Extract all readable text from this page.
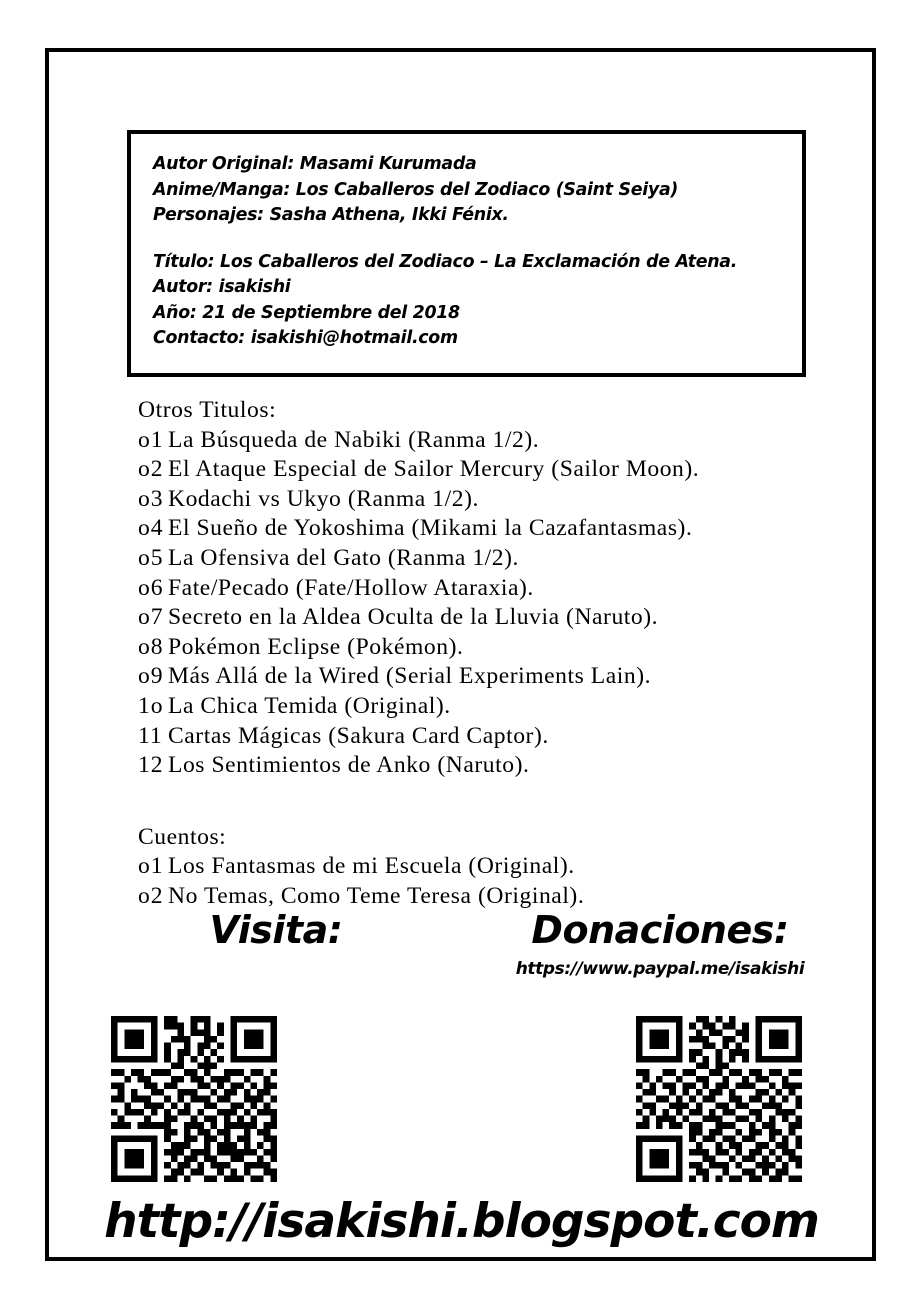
Autor Original: Masami Kurumada
Anime/Manga: Los Caballeros del Zodiaco (Saint Seiya)
Personajes: Sasha Athena, Ikki Fénix.
Título: Los Caballeros del Zodiaco – La Exclamación de Atena.
Autor: isakishi
Año: 21 de Septiembre del 2018
Contacto: isakishi@hotmail.com
Otros Titulos:
o1 La Búsqueda de Nabiki (Ranma 1/2).
o2 El Ataque Especial de Sailor Mercury (Sailor Moon).
o3 Kodachi vs Ukyo (Ranma 1/2).
o4 El Sueño de Yokoshima (Mikami la Cazafantasmas).
o5 La Ofensiva del Gato (Ranma 1/2).
o6 Fate/Pecado (Fate/Hollow Ataraxia).
o7 Secreto en la Aldea Oculta de la Lluvia (Naruto).
o8 Pokémon Eclipse (Pokémon).
o9 Más Allá de la Wired (Serial Experiments Lain).
1o La Chica Temida (Original).
11 Cartas Mágicas (Sakura Card Captor).
12 Los Sentimientos de Anko (Naruto).
Cuentos:
o1 Los Fantasmas de mi Escuela (Original).
o2 No Temas, Como Teme Teresa (Original).
Visita:	Donaciones:
https://www.paypal.me/isakishi
http://isakishi.blogspot.com
